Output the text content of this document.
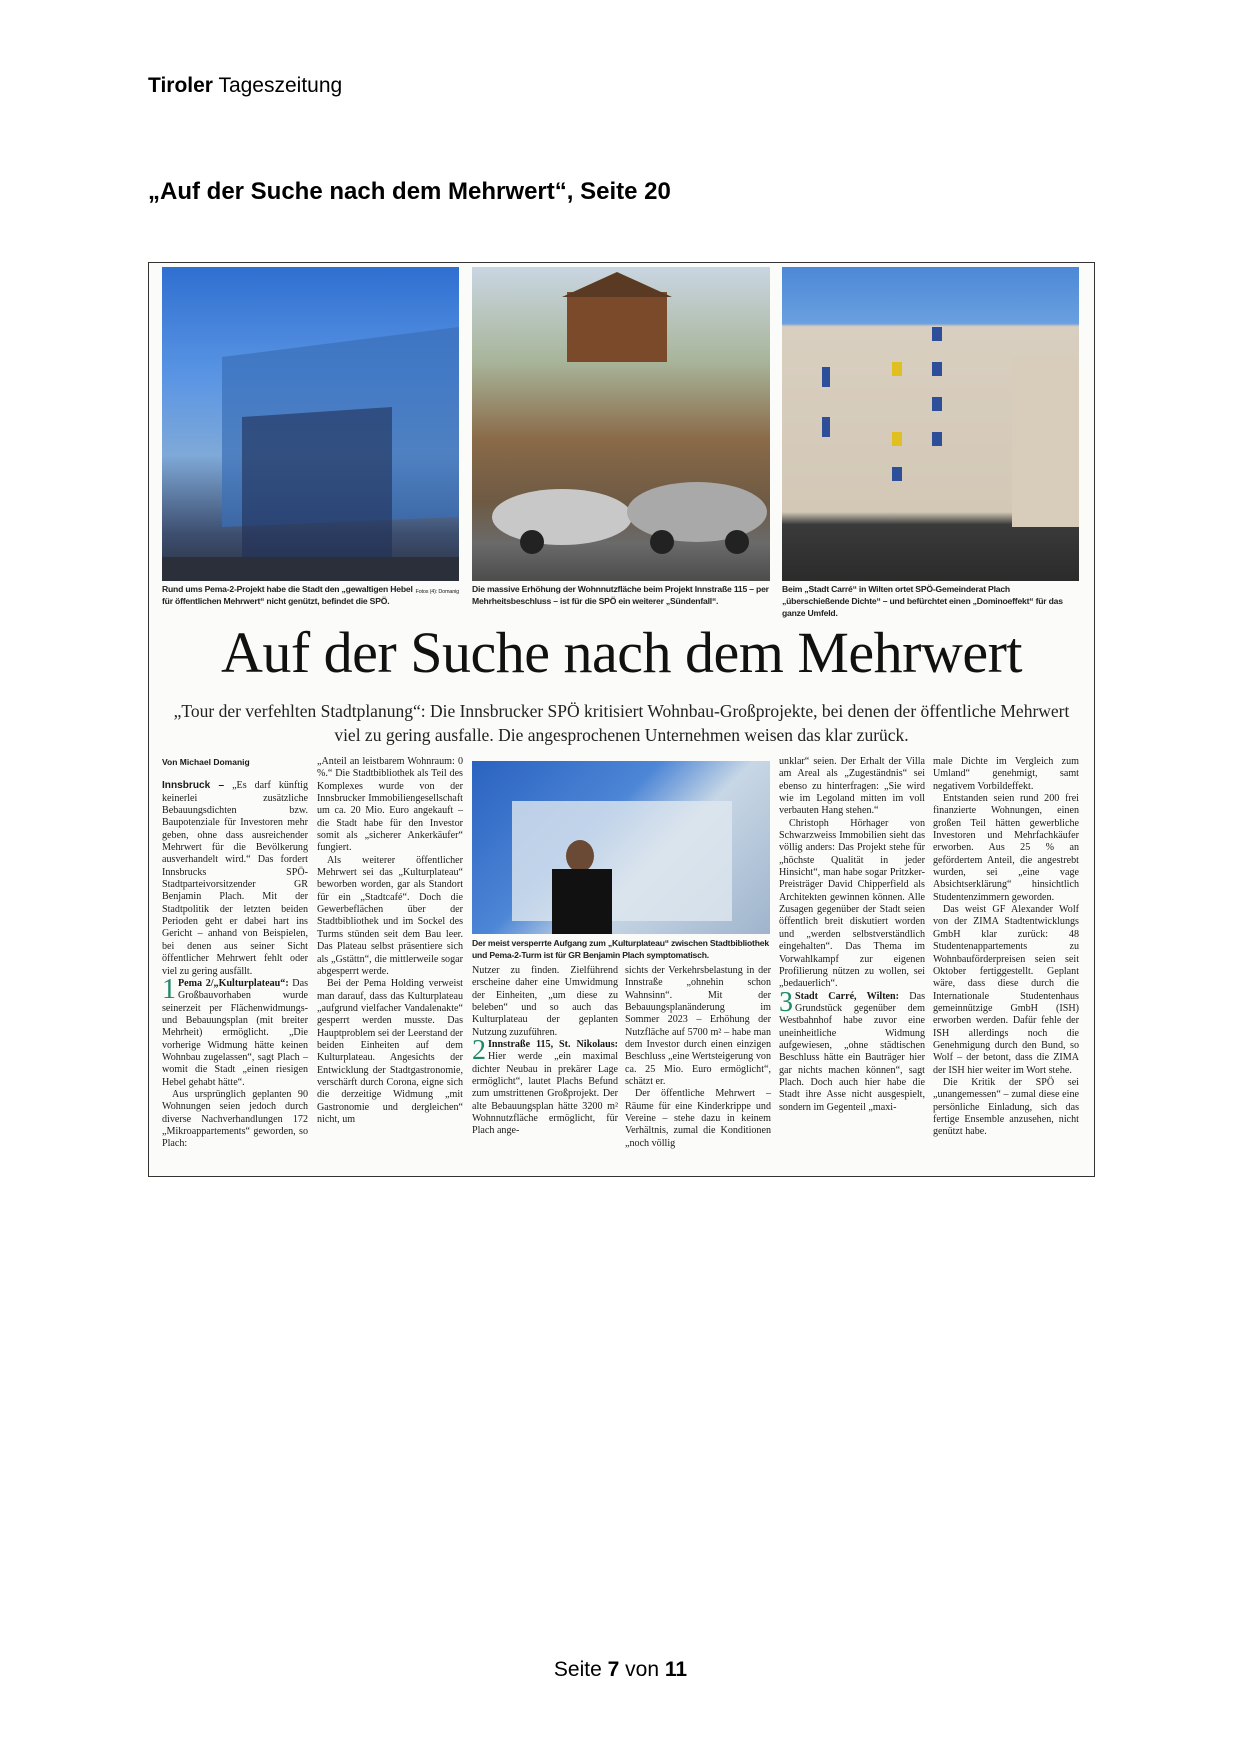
Tiroler Tageszeitung
„Auf der Suche nach dem Mehrwert“, Seite 20
Fotos (4): Domanig
Rund ums Pema-2-Projekt habe die Stadt den „gewaltigen Hebel für öffentlichen Mehrwert“ nicht genützt, befindet die SPÖ.
Die massive Erhöhung der Wohnnutzfläche beim Projekt Innstraße 115 – per Mehrheitsbeschluss – ist für die SPÖ ein weiterer „Sündenfall“.
Beim „Stadt Carré“ in Wilten ortet SPÖ-Gemeinderat Plach „überschießende Dichte“ – und befürchtet einen „Dominoeffekt“ für das ganze Umfeld.
Auf der Suche nach dem Mehrwert
„Tour der verfehlten Stadtplanung“: Die Innsbrucker SPÖ kritisiert Wohnbau-Großprojekte, bei denen der öffentliche Mehrwert viel zu gering ausfalle. Die angesprochenen Unternehmen weisen das klar zurück.
Von Michael Domanig

Innsbruck – „Es darf künftig keinerlei zusätzliche Bebauungsdichten bzw. Baupotenziale für Investoren mehr geben, ohne dass ausreichender Mehrwert für die Bevölkerung ausverhandelt wird.“ Das fordert Innsbrucks SPÖ-Stadtparteivorsitzender GR Benjamin Plach. Mit der Stadtpolitik der letzten beiden Perioden geht er dabei hart ins Gericht – anhand von Beispielen, bei denen aus seiner Sicht öffentlicher Mehrwert fehlt oder viel zu gering ausfällt.

1 Pema 2/„Kulturplateau“: Das Großbauvorhaben wurde seinerzeit per Flächenwidmungs- und Bebauungsplan (mit breiter Mehrheit) ermöglicht. „Die vorherige Widmung hätte keinen Wohnbau zugelassen“, sagt Plach – womit die Stadt „einen riesigen Hebel gehabt hätte“.

Aus ursprünglich geplanten 90 Wohnungen seien jedoch durch diverse Nachverhandlungen 172 „Mikroappartements“ geworden, so Plach:

„Anteil an leistbarem Wohnraum: 0 %.“ Die Stadtbibliothek als Teil des Komplexes wurde von der Innsbrucker Immobiliengesellschaft um ca. 20 Mio. Euro angekauft – die Stadt habe für den Investor somit als „sicherer Ankerkäufer“ fungiert.

Als weiterer öffentlicher Mehrwert sei das „Kulturplateau“ beworben worden, gar als Standort für ein „Stadtcafé“. Doch die Gewerbeflächen über der Stadtbibliothek und im Sockel des Turms stünden seit dem Bau leer. Das Plateau selbst präsentiere sich als „Gstättn“, die mittlerweile sogar abgesperrt werde.

Bei der Pema Holding verweist man darauf, dass das Kulturplateau „aufgrund vielfacher Vandalenakte“ gesperrt werden musste. Das Hauptproblem sei der Leerstand der beiden Einheiten auf dem Kulturplateau. Angesichts der Entwicklung der Stadtgastronomie, verschärft durch Corona, eigne sich die derzeitige Widmung „mit Gastronomie und dergleichen“ nicht, um

Der meist versperrte Aufgang zum „Kulturplateau“ zwischen Stadtbibliothek und Pema-2-Turm ist für GR Benjamin Plach symptomatisch.

Nutzer zu finden. Zielführend erscheine daher eine Umwidmung der Einheiten, „um diese zu beleben“ und so auch das Kulturplateau der geplanten Nutzung zuzuführen.

2 Innstraße 115, St. Nikolaus: Hier werde „ein maximal dichter Neubau in prekärer Lage ermöglicht“, lautet Plachs Befund zum umstrittenen Großprojekt. Der alte Bebauungsplan hätte 3200 m² Wohnnutzfläche ermöglicht, für Plach ange-

sichts der Verkehrsbelastung in der Innstraße „ohnehin schon Wahnsinn“. Mit der Bebauungsplanänderung im Sommer 2023 – Erhöhung der Nutzfläche auf 5700 m² – habe man dem Investor durch einen einzigen Beschluss „eine Wertsteigerung von ca. 25 Mio. Euro ermöglicht“, schätzt er.

Der öffentliche Mehrwert – Räume für eine Kinderkrippe und Vereine – stehe dazu in keinem Verhältnis, zumal die Konditionen „noch völlig

unklar“ seien. Der Erhalt der Villa am Areal als „Zugeständnis“ sei ebenso zu hinterfragen: „Sie wird wie im Legoland mitten im voll verbauten Hang stehen.“

Christoph Hörhager von Schwarzweiss Immobilien sieht das völlig anders: Das Projekt stehe für „höchste Qualität in jeder Hinsicht“, man habe sogar Pritzker-Preisträger David Chipperfield als Architekten gewinnen können. Alle Zusagen gegenüber der Stadt seien öffentlich breit diskutiert worden und „werden selbstverständlich eingehalten“. Das Thema im Vorwahlkampf zur eigenen Profilierung nützen zu wollen, sei „bedauerlich“.

3 Stadt Carré, Wilten: Das Grundstück gegenüber dem Westbahnhof habe zuvor eine uneinheitliche Widmung aufgewiesen, „ohne städtischen Beschluss hätte ein Bauträger hier gar nichts machen können“, sagt Plach. Doch auch hier habe die Stadt ihre Asse nicht ausgespielt, sondern im Gegenteil „maxi-

male Dichte im Vergleich zum Umland“ genehmigt, samt negativem Vorbildeffekt.

Entstanden seien rund 200 frei finanzierte Wohnungen, einen großen Teil hätten gewerbliche Investoren und Mehrfachkäufer erworben. Aus 25 % an gefördertem Anteil, die angestrebt wurden, sei „eine vage Absichtserklärung“ hinsichtlich Studentenzimmern geworden.

Das weist GF Alexander Wolf von der ZIMA Stadtentwicklungs GmbH klar zurück: 48 Studentenappartements zu Wohnbauförderpreisen seien seit Oktober fertiggestellt. Geplant wäre, dass diese durch die Internationale Studentenhaus gemeinnützige GmbH (ISH) erworben werden. Dafür fehle der ISH allerdings noch die Genehmigung durch den Bund, so Wolf – der betont, dass die ZIMA der ISH hier weiter im Wort stehe.

Die Kritik der SPÖ sei „unangemessen“ – zumal diese eine persönliche Einladung, sich das fertige Ensemble anzusehen, nicht genützt habe.

Seite 7 von 11
